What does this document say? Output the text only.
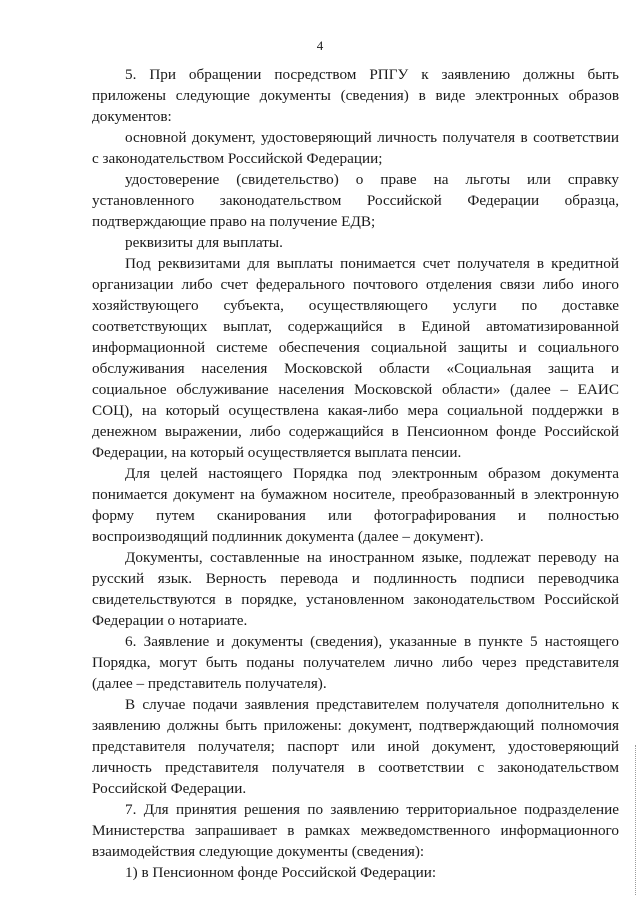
4

5. При обращении посредством РПГУ к заявлению должны быть приложены следующие документы (сведения) в виде электронных образов документов:

основной документ, удостоверяющий личность получателя в соответствии с законодательством Российской Федерации;

удостоверение (свидетельство) о праве на льготы или справку установленного законодательством Российской Федерации образца, подтверждающие право на получение ЕДВ;

реквизиты для выплаты.

Под реквизитами для выплаты понимается счет получателя в кредитной организации либо счет федерального почтового отделения связи либо иного хозяйствующего субъекта, осуществляющего услуги по доставке соответствующих выплат, содержащийся в Единой автоматизированной информационной системе обеспечения социальной защиты и социального обслуживания населения Московской области «Социальная защита и социальное обслуживание населения Московской области» (далее – ЕАИС СОЦ), на который осуществлена какая-либо мера социальной поддержки в денежном выражении, либо содержащийся в Пенсионном фонде Российской Федерации, на который осуществляется выплата пенсии.

Для целей настоящего Порядка под электронным образом документа понимается документ на бумажном носителе, преобразованный в электронную форму путем сканирования или фотографирования и полностью воспроизводящий подлинник документа (далее – документ).

Документы, составленные на иностранном языке, подлежат переводу на русский язык. Верность перевода и подлинность подписи переводчика свидетельствуются в порядке, установленном законодательством Российской Федерации о нотариате.

6. Заявление и документы (сведения), указанные в пункте 5 настоящего Порядка, могут быть поданы получателем лично либо через представителя (далее – представитель получателя).

В случае подачи заявления представителем получателя дополнительно к заявлению должны быть приложены: документ, подтверждающий полномочия представителя получателя; паспорт или иной документ, удостоверяющий личность представителя получателя в соответствии с законодательством Российской Федерации.

7. Для принятия решения по заявлению территориальное подразделение Министерства запрашивает в рамках межведомственного информационного взаимодействия следующие документы (сведения):

1) в Пенсионном фонде Российской Федерации:
